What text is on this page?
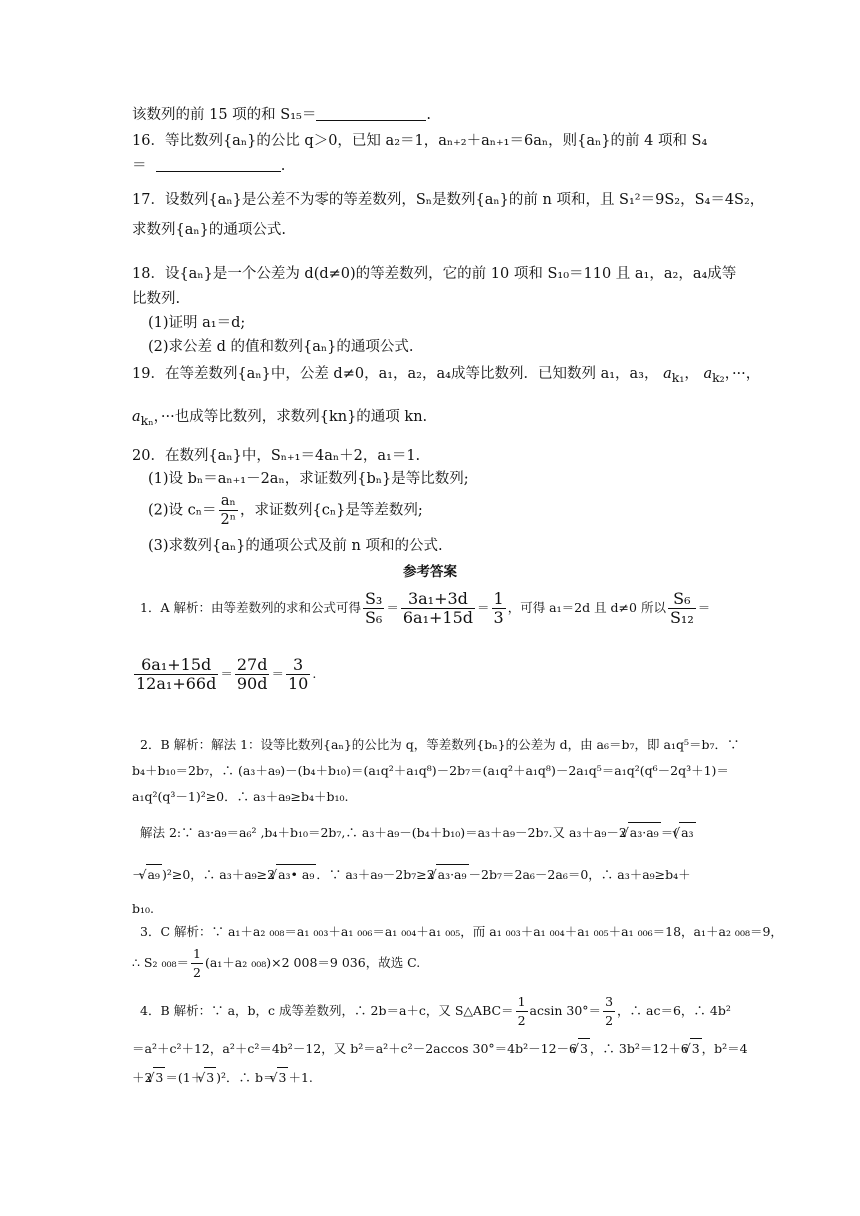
该数列的前 15 项的和 S₁₅＝	.
16．等比数列{aₙ}的公比 q＞0，已知 a₂＝1，aₙ₊₂＋aₙ₊₁＝6aₙ，则{aₙ}的前 4 项和 S₄
＝	.
17．设数列{aₙ}是公差不为零的等差数列，Sₙ是数列{aₙ}的前 n 项和，且 S₁²＝9S₂，S₄＝4S₂，
求数列{aₙ}的通项公式.
18．设{aₙ}是一个公差为 d(d≠0)的等差数列，它的前 10 项和 S₁₀＝110 且 a₁，a₂，a₄成等
比数列.
(1)证明 a₁＝d;
(2)求公差 d 的值和数列{aₙ}的通项公式.
19．在等差数列{aₙ}中，公差 d≠0，a₁，a₂，a₄成等比数列．已知数列 a₁，a₃， $a_{k_1}$， $a_{k_2}$，···，
$a_{k_n}$，···也成等比数列，求数列{kn}的通项 kn.
20．在数列{aₙ}中，Sₙ₊₁＝4aₙ＋2，a₁＝1.
(1)设 bₙ＝aₙ₊₁－2aₙ，求证数列{bₙ}是等比数列;
(2)设 $c_n= \frac{\text{aₙ}}{\text{2ⁿ}}$ ，求证数列{cₙ}是等差数列;
(3)求数列{aₙ}的通项公式及前 n 项和的公式.
参考答案
1．A 解析：由等差数列的求和公式可得 $\frac{\text{S₃}}{\text{S₆}} = \frac{\text{3a₁+3d}}{\text{6a₁+15d}} = \frac{1}{3}$ ，可得 a₁＝2d 且 d≠0 所以 $\frac{\text{S₆}}{\text{S₁₂}}$ ＝
$\frac{\text{6a₁+15d}}{\text{12a₁+66d}} = \frac{27d}{90d} = \frac{3}{10}$ .
2．B 解析：解法 1：设等比数列{aₙ}的公比为 q，等差数列{bₙ}的公差为 d，由 a₆＝b₇，即 a₁q⁵＝b₇．∵
b₄＋b₁₀＝2b₇，∴ (a₃＋a₉)－(b₄＋b₁₀)＝(a₁q²＋a₁q⁸)－2b₇＝(a₁q²＋a₁q⁸)－2a₁q⁵＝a₁q²(q⁶－2q³＋1)＝
a₁q²(q³－1)²≥0．∴ a₃＋a₉≥b₄＋b₁₀.
解法 2:∵ a₃·a₉＝a₆² ,b₄＋b₁₀＝2b₇,∴ a₃＋a₉－(b₄＋b₁₀)＝a₃＋a₉－2b₇.又 a₃＋a₉－2 √ a₃·a₉ ＝( √ a₃
－ √ a₉ )²≥0，∴ a₃＋a₉≥2 √ a₃• a₉ ．∵ a₃＋a₉－2b₇≥2 √ a₃·a₉ －2b₇＝2a₆－2a₆＝0，∴ a₃＋a₉≥b₄＋
b₁₀.
3．C 解析：∵ a₁＋a₂ ₀₀₈＝a₁ ₀₀₃＋a₁ ₀₀₆＝a₁ ₀₀₄＋a₁ ₀₀₅，而 a₁ ₀₀₃＋a₁ ₀₀₄＋a₁ ₀₀₅＋a₁ ₀₀₆＝18，a₁＋a₂ ₀₀₈＝9，
∴ S₂ $_{008}= \frac{1}{2} (a_1+a_2$ ₀₀₈)×2 008＝9 036，故选 C.
4．B 解析：∵ a，b，c 成等差数列，∴ 2b＝a＋c，又 S△ABC＝ $\frac{1}{2}$ acsin $30^\circ= \frac{3}{2}$ ，∴ ac＝6，∴ 4b²
＝a²＋c²＋12，a²＋c²＝4b²－12，又 b²＝a²＋c²－2accos 30°＝4b²－12－6 √ 3 ，∴ 3b²＝12＋6 √ 3 ，b²＝4
＋2 √ 3 ＝(1＋ √ 3 )²．∴ b＝ √ 3 ＋1.
